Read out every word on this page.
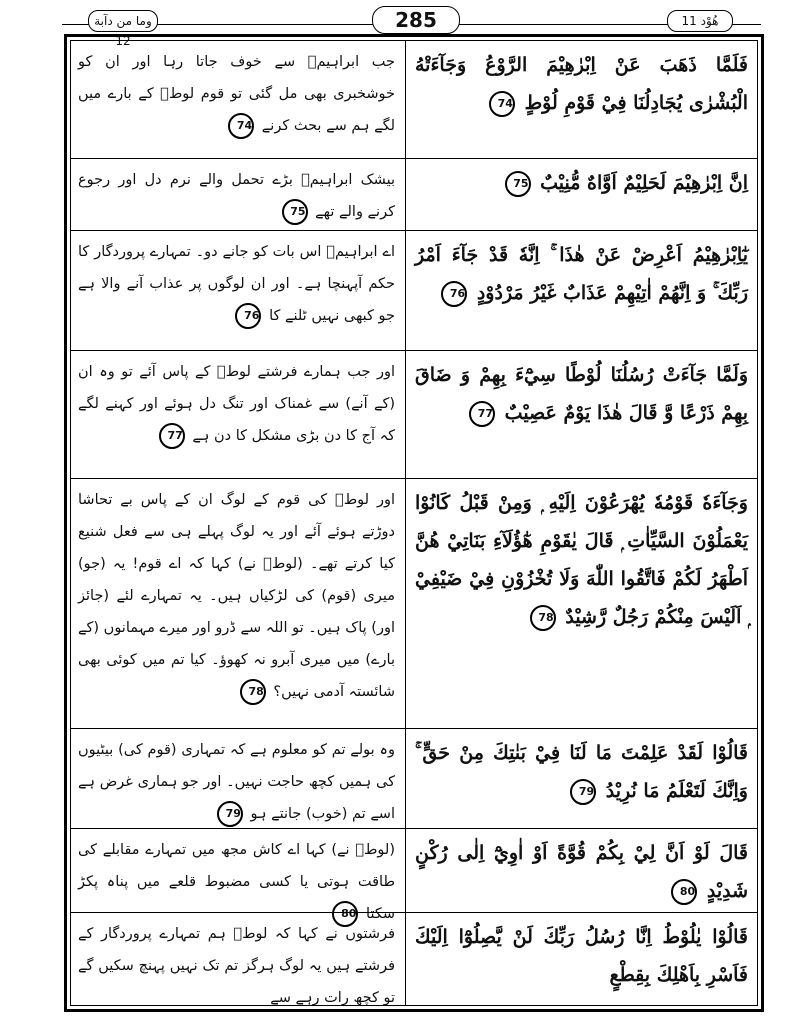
وما من دآبة 12
285	هُوْد 11
فَلَمَّا ذَهَبَ عَنْ اِبْرٰهِيْمَ الرَّوْعُ وَجَآءَتْهُ الْبُشْرٰى يُجَادِلُنَا فِيْ قَوْمِ لُوْطٍ 74
جب ابراہیمؑ سے خوف جاتا رہا اور ان کو خوشخبری بھی مل گئی تو قوم لوطؑ کے بارے میں لگے ہم سے بحث کرنے 74
اِنَّ اِبْرٰهِيْمَ لَحَلِيْمٌ اَوَّاهٌ مُّنِيْبٌ 75
بیشک ابراہیمؑ بڑے تحمل والے نرم دل اور رجوع کرنے والے تھے 75
يٰٓاِبْرٰهِيْمُ اَعْرِضْ عَنْ هٰذَا ۚ اِنَّهٗ قَدْ جَآءَ اَمْرُ رَبِّكَ ۚ وَ اِنَّهُمْ اٰتِيْهِمْ عَذَابٌ غَيْرُ مَرْدُوْدٍ 76
اے ابراہیمؑ اس بات کو جانے دو۔ تمہارے پروردگار کا حکم آپہنچا ہے۔ اور ان لوگوں پر عذاب آنے والا ہے جو کبھی نہیں ٹلنے کا 76
وَلَمَّا جَآءَتْ رُسُلُنَا لُوْطًا سِيْٓءَ بِهِمْ وَ ضَاقَ بِهِمْ ذَرْعًا وَّ قَالَ هٰذَا يَوْمٌ عَصِيْبٌ 77
اور جب ہمارے فرشتے لوطؑ کے پاس آئے تو وہ ان (کے آنے) سے غمناک اور تنگ دل ہوئے اور کہنے لگے کہ آج کا دن بڑی مشکل کا دن ہے 77
وَجَآءَهٗ قَوْمُهٗ يُهْرَعُوْنَ اِلَيْهِ ۭ وَمِنْ قَبْلُ كَانُوْا يَعْمَلُوْنَ السَّيِّاٰتِ ۭ قَالَ يٰقَوْمِ هٰٓؤُلَآءِ بَنَاتِيْ هُنَّ اَطْهَرُ لَكُمْ فَاتَّقُوا اللّٰهَ وَلَا تُخْزُوْنِ فِيْ ضَيْفِيْ ۭ اَلَيْسَ مِنْكُمْ رَجُلٌ رَّشِيْدٌ 78
اور لوطؑ کی قوم کے لوگ ان کے پاس بے تحاشا دوڑتے ہوئے آئے اور یہ لوگ پہلے ہی سے فعل شنیع کیا کرتے تھے۔ (لوطؑ نے) کہا کہ اے قوم! یہ (جو) میری (قوم) کی لڑکیاں ہیں۔ یہ تمہارے لئے (جائز اور) پاک ہیں۔ تو اللہ سے ڈرو اور میرے مہمانوں (کے بارے) میں میری آبرو نہ کھوؤ۔ کیا تم میں کوئی بھی شائستہ آدمی نہیں؟ 78
قَالُوْا لَقَدْ عَلِمْتَ مَا لَنَا فِيْ بَنٰتِكَ مِنْ حَقٍّ ۚ وَاِنَّكَ لَتَعْلَمُ مَا نُرِيْدُ 79
وہ بولے تم کو معلوم ہے کہ تمہاری (قوم کی) بیٹیوں کی ہمیں کچھ حاجت نہیں۔ اور جو ہماری غرض ہے اسے تم (خوب) جانتے ہو 79
قَالَ لَوْ اَنَّ لِيْ بِكُمْ قُوَّةً اَوْ اٰوِيْٓ اِلٰى رُكْنٍ شَدِيْدٍ 80
(لوطؑ نے) کہا اے کاش مجھ میں تمہارے مقابلے کی طاقت ہوتی یا کسی مضبوط قلعے میں پناہ پکڑ سکتا 80
قَالُوْا يٰلُوْطُ اِنَّا رُسُلُ رَبِّكَ لَنْ يَّصِلُوْٓا اِلَيْكَ فَاَسْرِ بِاَهْلِكَ بِقِطْعٍ
فرشتوں نے کہا کہ لوطؑ ہم تمہارے پروردگار کے فرشتے ہیں یہ لوگ ہرگز تم تک نہیں پہنچ سکیں گے تو کچھ رات رہے سے
